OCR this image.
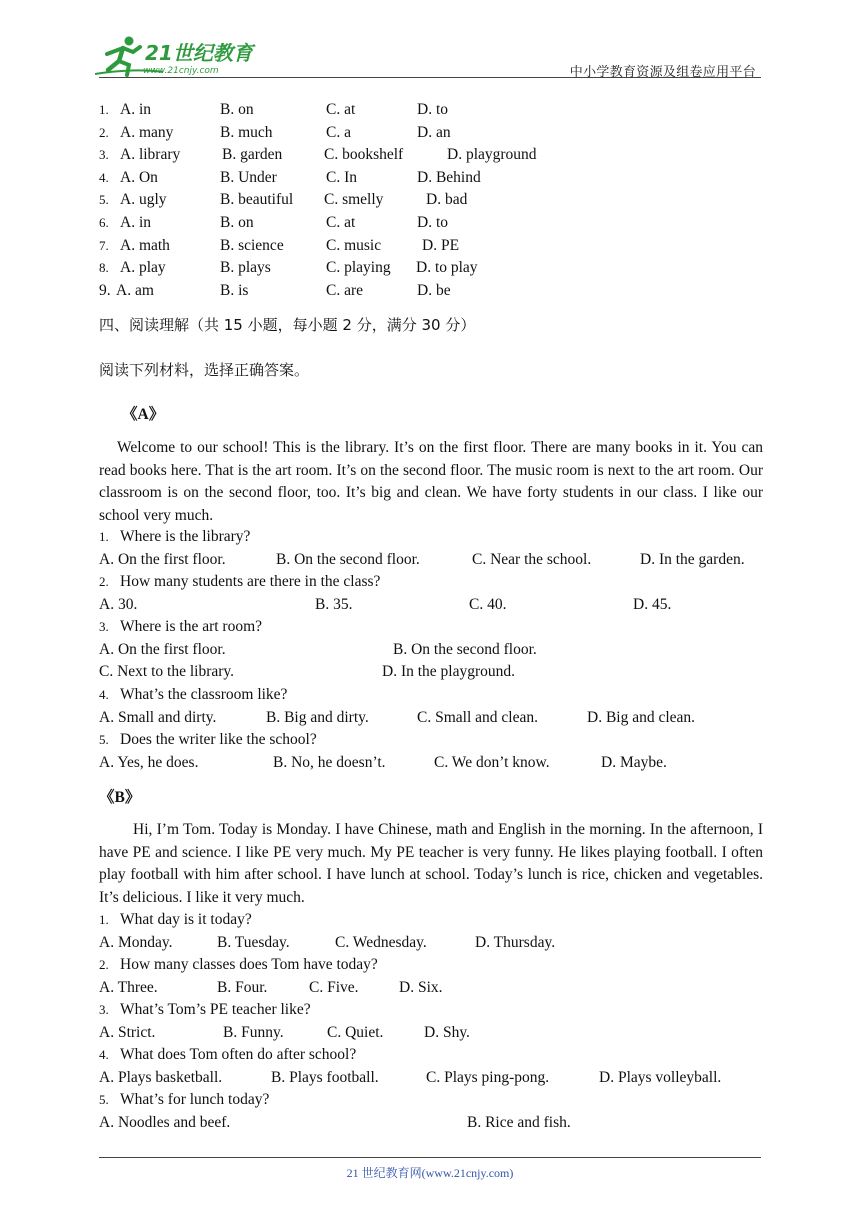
21世纪教育
www.21cnjy.com	中小学教育资源及组卷应用平台
1. A. in	B. on	C. at	D. to
2. A. many	B. much	C. a	D. an
3. A. library	B. garden	C. bookshelf	D. playground
4. A. On	B. Under	C. In	D. Behind
5. A. ugly	B. beautiful C. smelly	D. bad
6. A. in	B. on	C. at	D. to
7. A. math	B. science	C. music	D. PE
8. A. play	B. plays	C. playing D. to play
9. A. am	B. is	C. are	D. be
四、阅读理解（共 15 小题，每小题 2 分，满分 30 分）
阅读下列材料，选择正确答案。
《A》
Welcome to our school! This is the library. It’s on the first floor. There are many books in it. You can read books here. That is the art room. It’s on the second floor. The music room is next to the art room. Our classroom is on the second floor, too. It’s big and clean. We have forty students in our class. I like our school very much.
1. Where is the library?
A. On the first floor.	B. On the second floor.	C. Near the school.	D. In the garden.
2. How many students are there in the class?
A. 30.	B. 35.	C. 40.	D. 45.
3. Where is the art room?
A. On the first floor.	B. On the second floor.
C. Next to the library.	D. In the playground.
4. What’s the classroom like?
A. Small and dirty.	B. Big and dirty.	C. Small and clean.	D. Big and clean.
5. Does the writer like the school?
A. Yes, he does.	B. No, he doesn’t.	C. We don’t know.	D. Maybe.
《B》
Hi, I’m Tom. Today is Monday. I have Chinese, math and English in the morning. In the afternoon, I have PE and science. I like PE very much. My PE teacher is very funny. He likes playing football. I often play football with him after school. I have lunch at school. Today’s lunch is rice, chicken and vegetables. It’s delicious. I like it very much.
1. What day is it today?
A. Monday.	B. Tuesday.	C. Wednesday.	D. Thursday.
2. How many classes does Tom have today?
A. Three.	B. Four.	C. Five.	D. Six.
3. What’s Tom’s PE teacher like?
A. Strict.	B. Funny.	C. Quiet.	D. Shy.
4. What does Tom often do after school?
A. Plays basketball.	B. Plays football.	C. Plays ping-pong.	D. Plays volleyball.
5. What’s for lunch today?
A. Noodles and beef.	B. Rice and fish.
21 世纪教育网(www.21cnjy.com)
